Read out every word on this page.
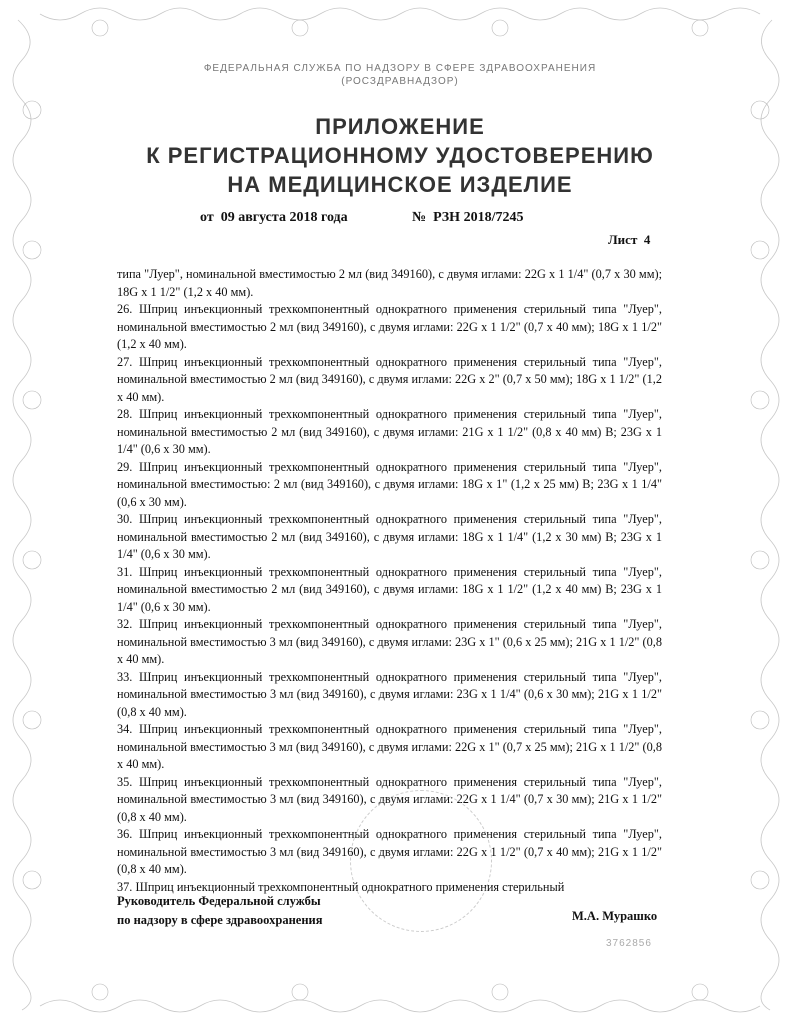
ФЕДЕРАЛЬНАЯ СЛУЖБА ПО НАДЗОРУ В СФЕРЕ ЗДРАВООХРАНЕНИЯ
(РОСЗДРАВНАДЗОР)
ПРИЛОЖЕНИЕ
К РЕГИСТРАЦИОННОМУ УДОСТОВЕРЕНИЮ
НА МЕДИЦИНСКОЕ ИЗДЕЛИЕ
от  09 августа 2018 года	№  РЗН 2018/7245
Лист  4

типа "Луер", номинальной вместимостью 2 мл (вид 349160), с двумя иглами: 22G x 1 1/4" (0,7 x 30 мм); 18G x 1 1/2" (1,2 x 40 мм).

26. Шприц инъекционный трехкомпонентный однократного применения стерильный типа "Луер", номинальной вместимостью 2 мл (вид 349160), с двумя иглами: 22G x 1 1/2" (0,7 x 40 мм); 18G x 1 1/2" (1,2 x 40 мм).

27. Шприц инъекционный трехкомпонентный однократного применения стерильный типа "Луер", номинальной вместимостью 2 мл (вид 349160), с двумя иглами: 22G x 2" (0,7 x 50 мм); 18G x 1 1/2" (1,2 x 40 мм).

28. Шприц инъекционный трехкомпонентный однократного применения стерильный типа "Луер", номинальной вместимостью 2 мл (вид 349160), с двумя иглами: 21G x 1 1/2" (0,8 x 40 мм) В; 23G x 1 1/4" (0,6 x 30 мм).

29. Шприц инъекционный трехкомпонентный однократного применения стерильный типа "Луер", номинальной вместимостью: 2 мл (вид 349160), с двумя иглами: 18G x 1" (1,2 x 25 мм) В; 23G x 1 1/4" (0,6 x 30 мм).

30. Шприц инъекционный трехкомпонентный однократного применения стерильный типа "Луер", номинальной вместимостью 2 мл (вид 349160), с двумя иглами: 18G x 1 1/4" (1,2 x 30 мм) В; 23G x 1 1/4" (0,6 x 30 мм).

31. Шприц инъекционный трехкомпонентный однократного применения стерильный типа "Луер", номинальной вместимостью 2 мл (вид 349160), с двумя иглами: 18G x 1 1/2" (1,2 x 40 мм) В; 23G x 1 1/4" (0,6 x 30 мм).

32. Шприц инъекционный трехкомпонентный однократного применения стерильный типа "Луер", номинальной вместимостью 3 мл (вид 349160), с двумя иглами: 23G x 1" (0,6 x 25 мм); 21G x 1 1/2" (0,8 x 40 мм).

33. Шприц инъекционный трехкомпонентный однократного применения стерильный типа "Луер", номинальной вместимостью 3 мл (вид 349160), с двумя иглами: 23G x 1 1/4" (0,6 x 30 мм); 21G x 1 1/2" (0,8 x 40 мм).

34. Шприц инъекционный трехкомпонентный однократного применения стерильный типа "Луер", номинальной вместимостью 3 мл (вид 349160), с двумя иглами: 22G x 1" (0,7 x 25 мм); 21G x 1 1/2" (0,8 x 40 мм).

35. Шприц инъекционный трехкомпонентный однократного применения стерильный типа "Луер", номинальной вместимостью 3 мл (вид 349160), с двумя иглами: 22G x 1 1/4" (0,7 x 30 мм); 21G x 1 1/2" (0,8 x 40 мм).

36. Шприц инъекционный трехкомпонентный однократного применения стерильный типа "Луер", номинальной вместимостью 3 мл (вид 349160), с двумя иглами: 22G x 1 1/2" (0,7 x 40 мм); 21G x 1 1/2" (0,8 x 40 мм).

37. Шприц инъекционный трехкомпонентный однократного применения стерильный

Руководитель Федеральной службы
по надзору в сфере здравоохранения	М.А. Мурашко
3762856
